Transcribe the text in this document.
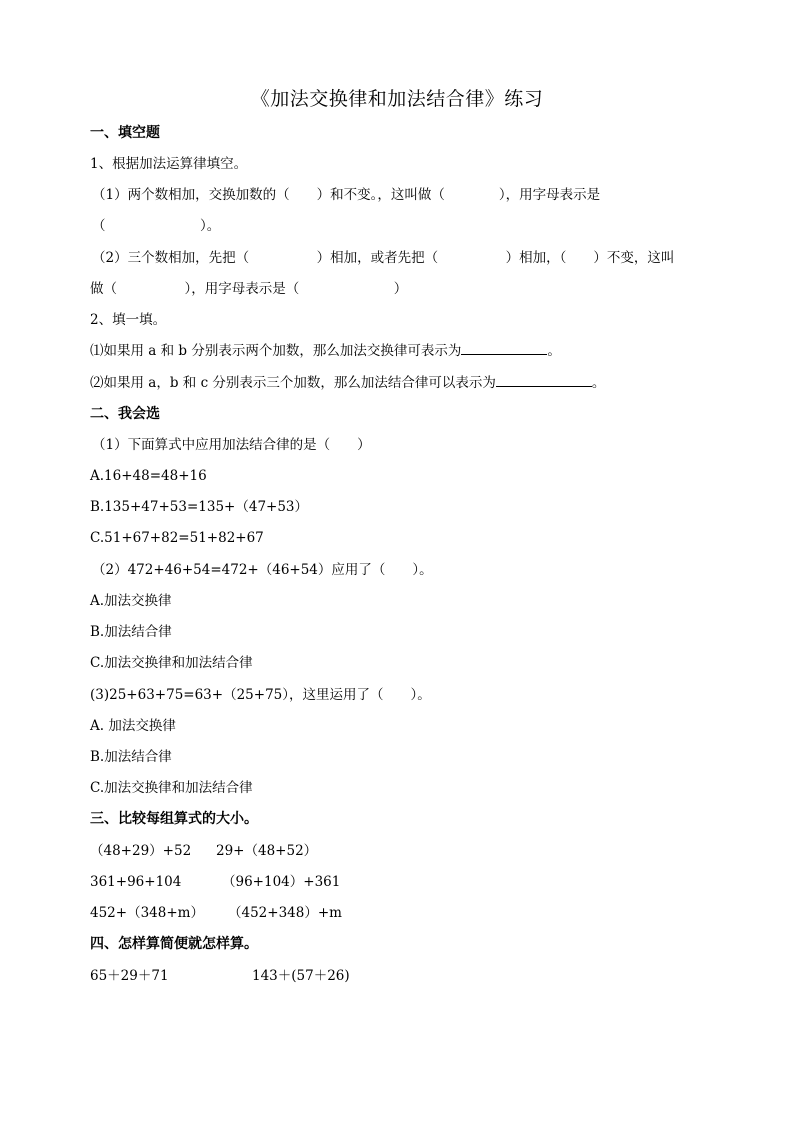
《加法交换律和加法结合律》练习
一、填空题
1、根据加法运算律填空。
（1）两个数相加，交换加数的（　　）和不变。，这叫做（　　　　），用字母表示是
（　　　　　　　）。
（2）三个数相加，先把（　　　　　）相加，或者先把（　　　　　）相加，（　　）不变，这叫
做（　　　　　），用字母表示是（　　　　　　　）
2、填一填。
⑴如果用 a 和 b 分别表示两个加数，那么加法交换律可表示为	。
⑵如果用 a，b 和 c 分别表示三个加数，那么加法结合律可以表示为	。
二、我会选
（1）下面算式中应用加法结合律的是（　　）
A.16+48=48+16
B.135+47+53=135+（47+53）
C.51+67+82=51+82+67
（2）472+46+54=472+（46+54）应用了（　　）。
A.加法交换律
B.加法结合律
C.加法交换律和加法结合律
(3)25+63+75=63+（25+75），这里运用了（　　）。
A. 加法交换律
B.加法结合律
C.加法交换律和加法结合律
三、比较每组算式的大小。
（48+29）+52 29+（48+52）
361+96+104	（96+104）+361
452+（348+m） （452+348）+m
四、怎样算简便就怎样算。
65＋29＋71	143＋(57＋26)
